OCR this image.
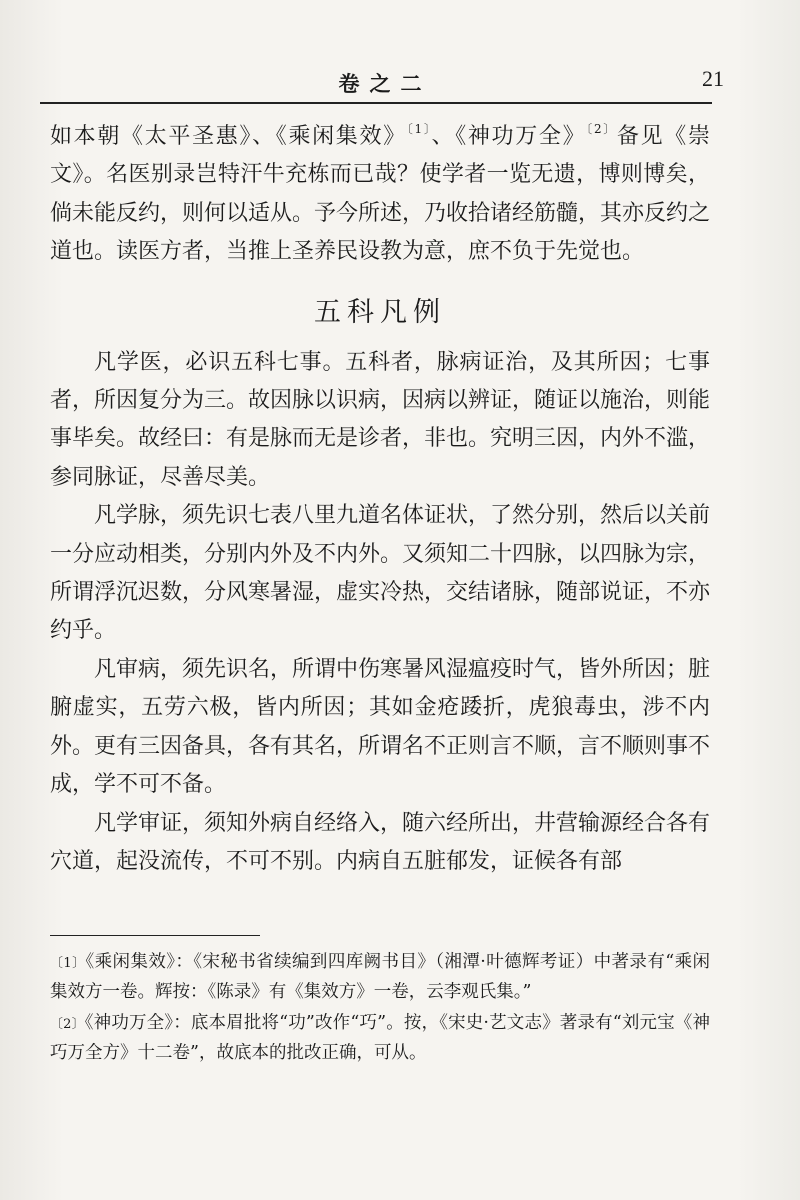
卷之二	21

如本朝《太平圣惠》、《乘闲集效》$^{〔1〕}$、《神功万全》$^{〔2〕}$备见《崇文》。名医别录岂特汗牛充栋而已哉？使学者一览无遗，博则博矣，倘未能反约，则何以适从。予今所述，乃收拾诸经筋髓，其亦反约之道也。读医方者，当推上圣养民设教为意，庶不负于先觉也。

五科凡例

凡学医，必识五科七事。五科者，脉病证治，及其所因；七事者，所因复分为三。故因脉以识病，因病以辨证，随证以施治，则能事毕矣。故经曰：有是脉而无是诊者，非也。究明三因，内外不滥，参同脉证，尽善尽美。

凡学脉，须先识七表八里九道名体证状，了然分别，然后以关前一分应动相类，分别内外及不内外。又须知二十四脉，以四脉为宗，所谓浮沉迟数，分风寒暑湿，虚实冷热，交结诸脉，随部说证，不亦约乎。

凡审病，须先识名，所谓中伤寒暑风湿瘟疫时气，皆外所因；脏腑虚实，五劳六极，皆内所因；其如金疮踒折，虎狼毒虫，涉不内外。更有三因备具，各有其名，所谓名不正则言不顺，言不顺则事不成，学不可不备。

凡学审证，须知外病自经络入，随六经所出，井营输源经合各有穴道，起没流传，不可不别。内病自五脏郁发，证候各有部

〔1〕《乘闲集效》：《宋秘书省续编到四库阙书目》（湘潭·叶德辉考证）中著录有“乘闲集效方一卷。辉按：《陈录》有《集效方》一卷，云李观氏集。”

〔2〕《神功万全》：底本眉批将“功”改作“巧”。按，《宋史·艺文志》著录有“刘元宝《神巧万全方》十二卷”，故底本的批改正确，可从。
